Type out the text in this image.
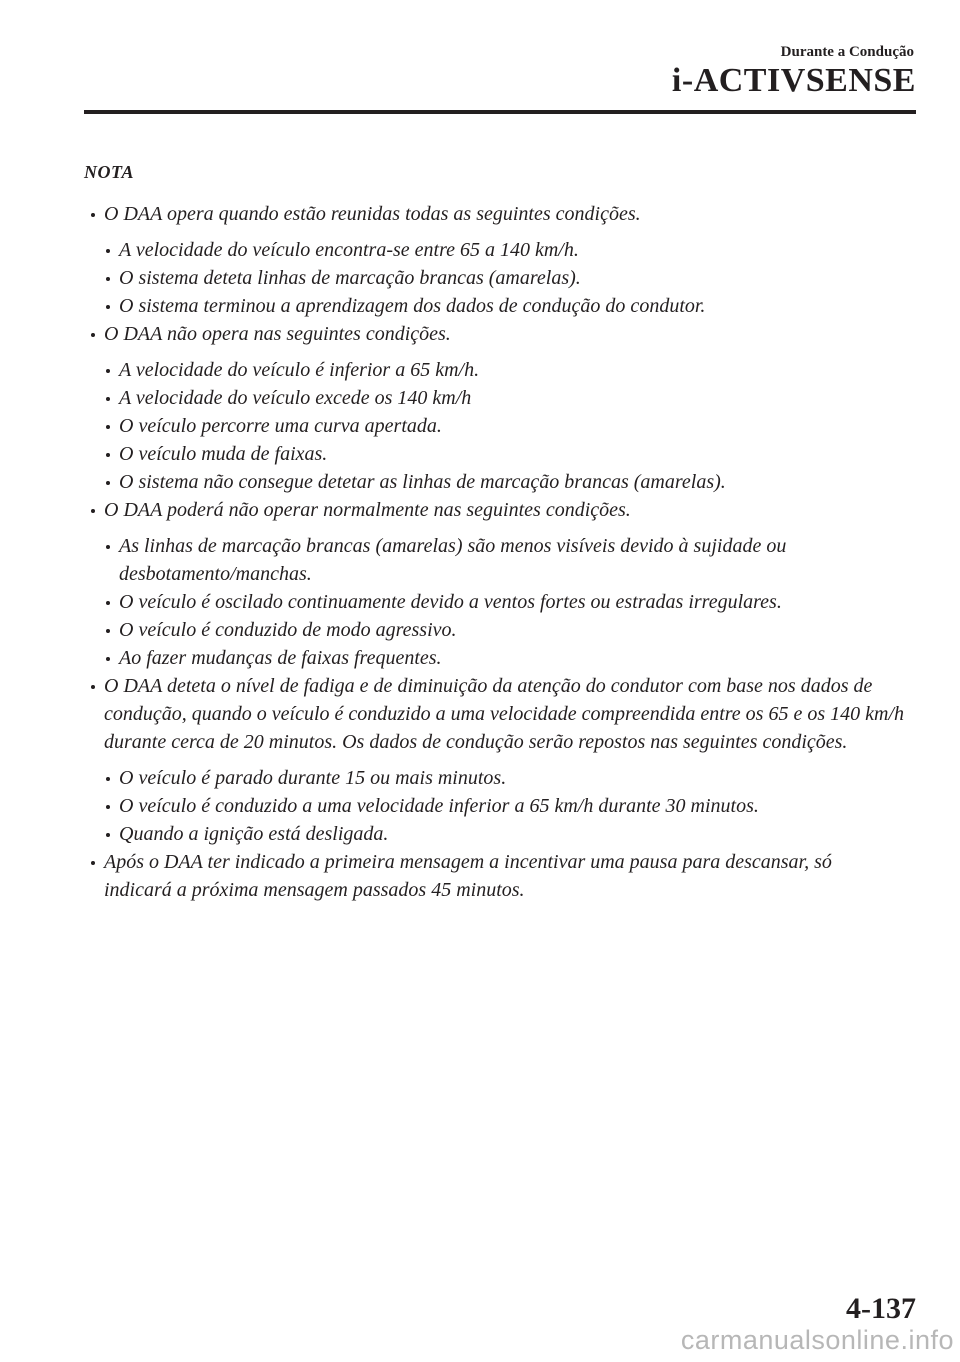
Durante a Condução
i-ACTIVSENSE
NOTA
O DAA opera quando estão reunidas todas as seguintes condições.
A velocidade do veículo encontra-se entre 65 a 140 km/h.
O sistema deteta linhas de marcação brancas (amarelas).
O sistema terminou a aprendizagem dos dados de condução do condutor.
O DAA não opera nas seguintes condições.
A velocidade do veículo é inferior a 65 km/h.
A velocidade do veículo excede os 140 km/h
O veículo percorre uma curva apertada.
O veículo muda de faixas.
O sistema não consegue detetar as linhas de marcação brancas (amarelas).
O DAA poderá não operar normalmente nas seguintes condições.
As linhas de marcação brancas (amarelas) são menos visíveis devido à sujidade ou desbotamento/manchas.
O veículo é oscilado continuamente devido a ventos fortes ou estradas irregulares.
O veículo é conduzido de modo agressivo.
Ao fazer mudanças de faixas frequentes.
O DAA deteta o nível de fadiga e de diminuição da atenção do condutor com base nos dados de condução, quando o veículo é conduzido a uma velocidade compreendida entre os 65 e os 140 km/h durante cerca de 20 minutos. Os dados de condução serão repostos nas seguintes condições.
O veículo é parado durante 15 ou mais minutos.
O veículo é conduzido a uma velocidade inferior a 65 km/h durante 30 minutos.
Quando a ignição está desligada.
Após o DAA ter indicado a primeira mensagem a incentivar uma pausa para descansar, só indicará a próxima mensagem passados 45 minutos.
4-137
carmanualsonline.info
